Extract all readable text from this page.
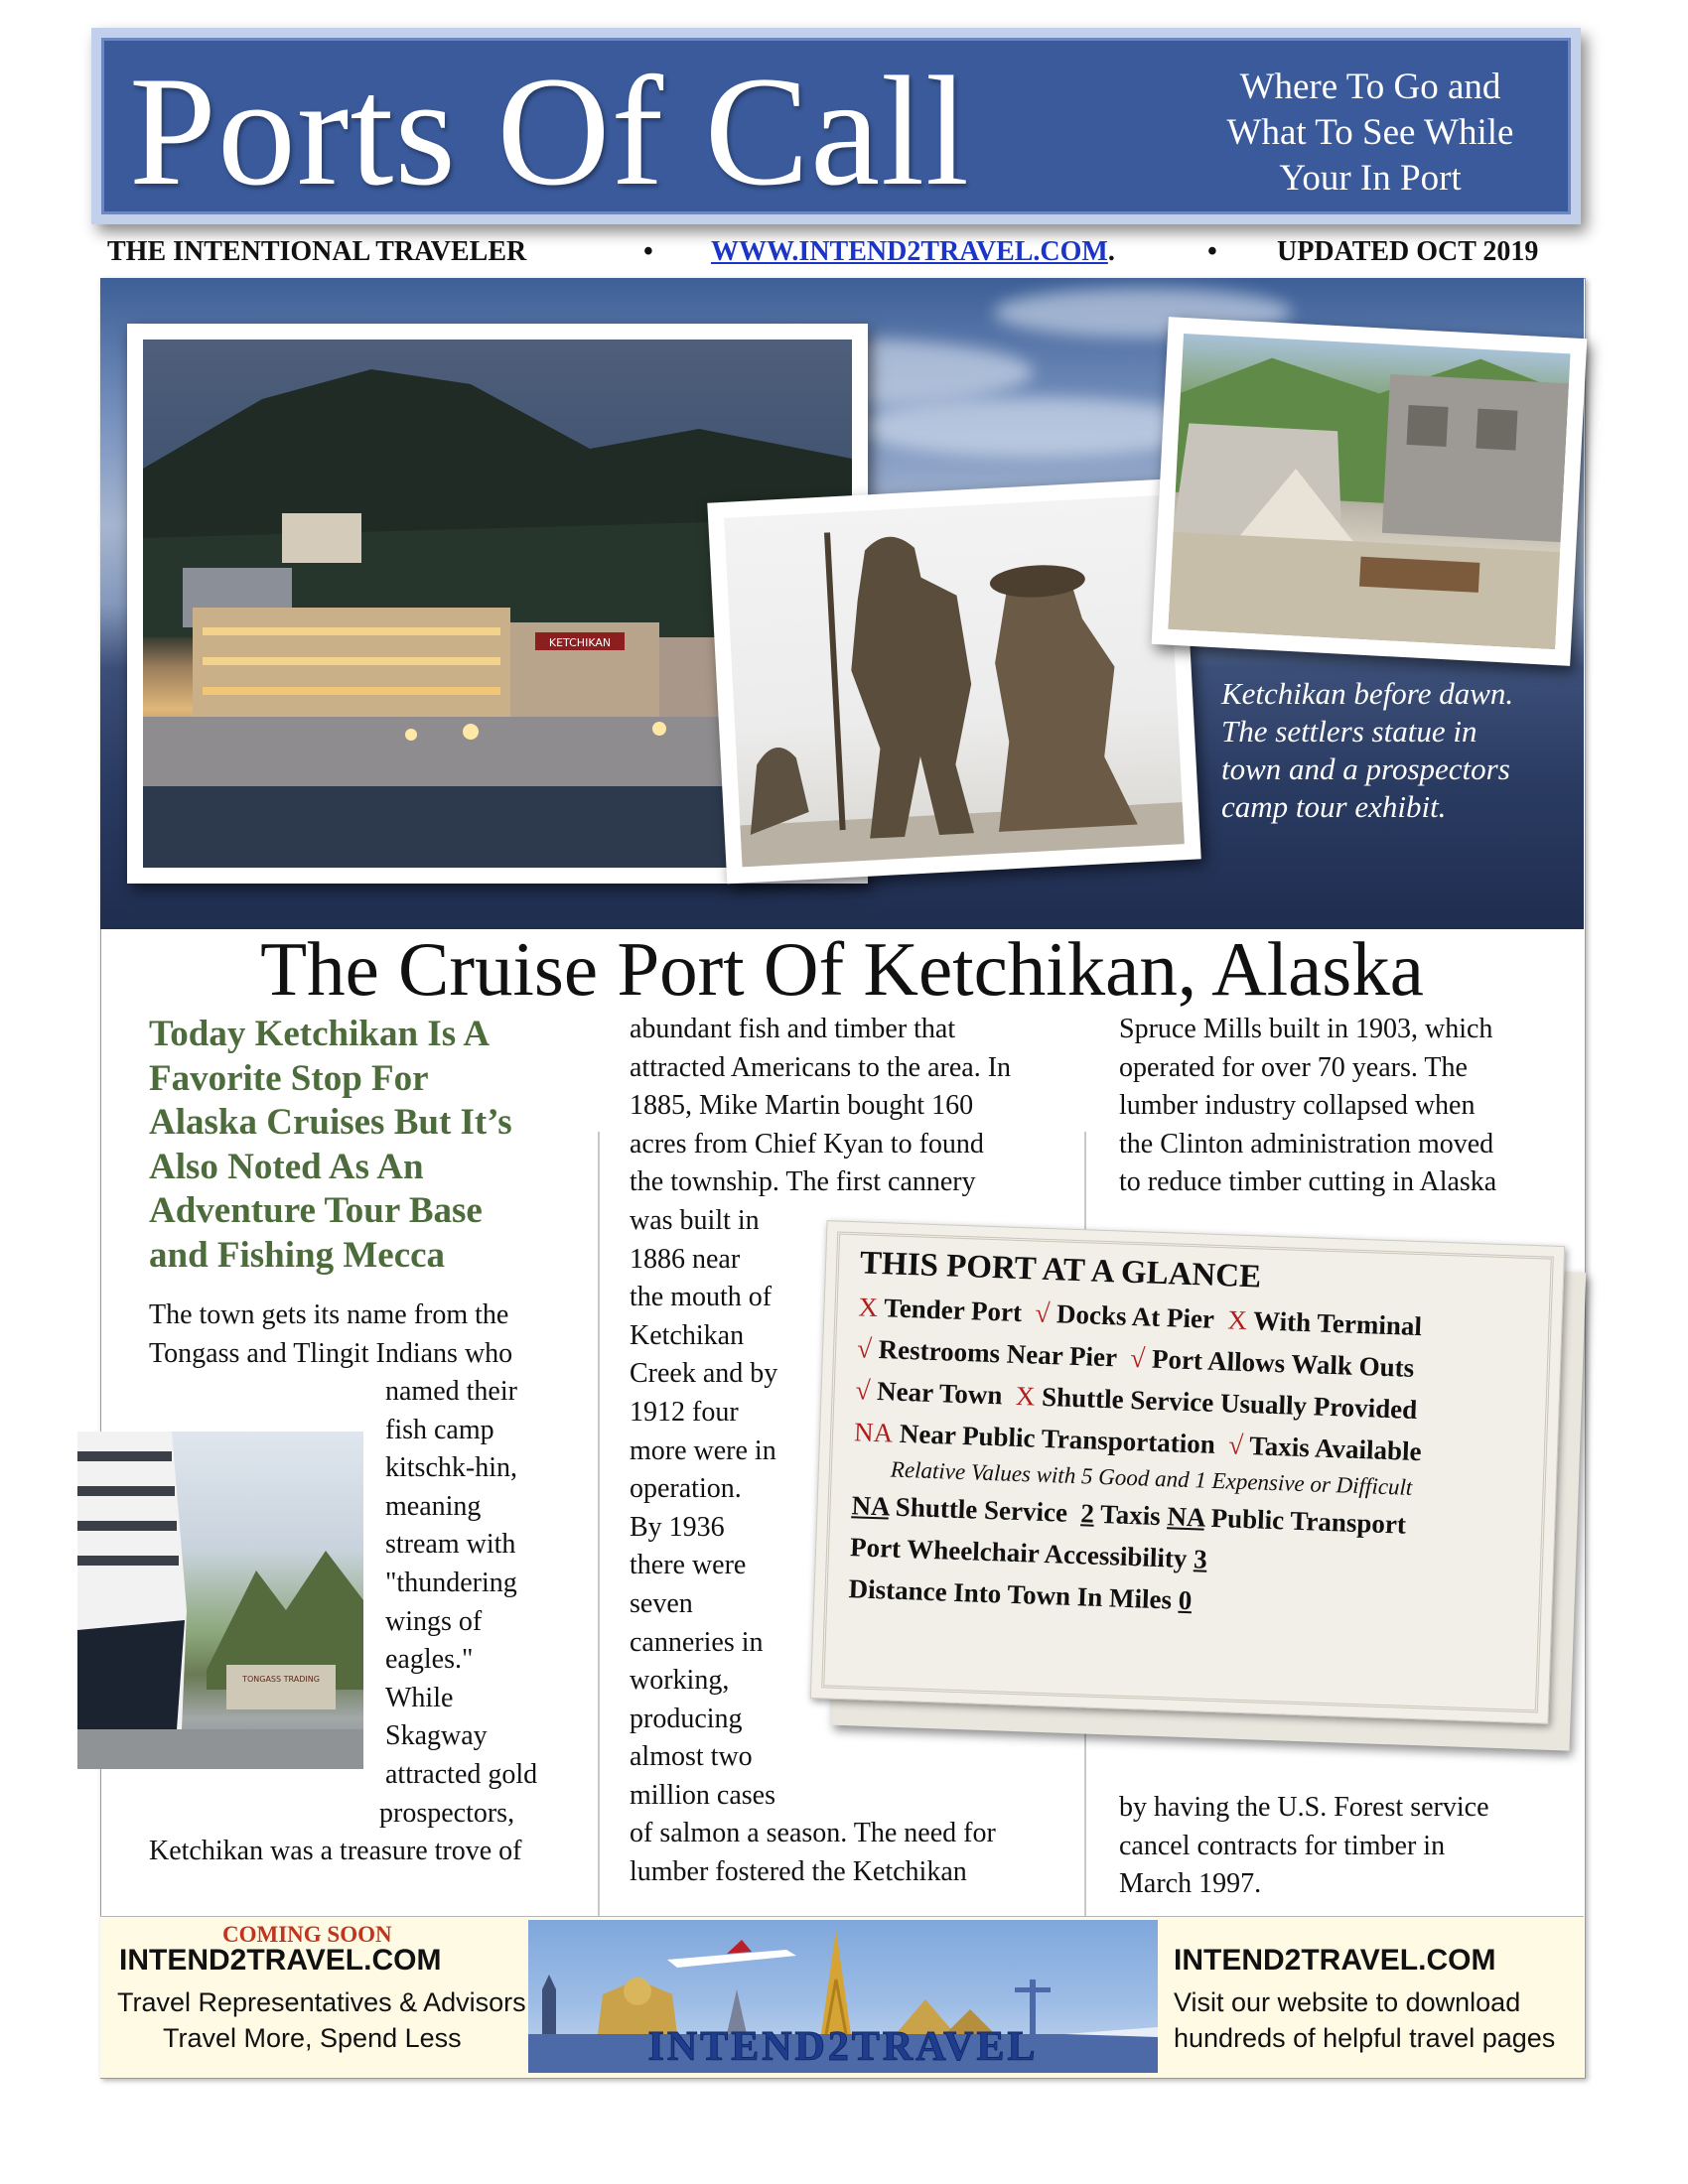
Ports Of Call	Where To Go and
What To See While
Your In Port
THE INTENTIONAL TRAVELER	• WWW.INTEND2TRAVEL.COM.	• UPDATED OCT 2019
KETCHIKAN
Ketchikan before dawn.
The settlers statue in
town and a prospectors
camp tour exhibit.
The Cruise Port Of Ketchikan, Alaska
Today Ketchikan Is A
Favorite Stop For
Alaska Cruises But It’s
Also Noted As An
Adventure Tour Base
and Fishing Mecca

The town gets its name from the

Tongass and Tlingit Indians who

named their

fish camp

kitschk-hin,

meaning

stream with

"thundering

wings of

eagles."

While

Skagway

attracted gold

prospectors,

Ketchikan was a treasure trove of

TONGASS TRADING

abundant fish and timber that

attracted Americans to the area. In

1885, Mike Martin bought 160

acres from Chief Kyan to found

the township. The first cannery

was built in

1886 near

the mouth of

Ketchikan

Creek and by

1912 four

more were in

operation.

By 1936

there were

seven

canneries in

working,

producing

almost two

million cases

of salmon a season. The need for

lumber fostered the Ketchikan

Spruce Mills built in 1903, which

operated for over 70 years. The

lumber industry collapsed when

the Clinton administration moved

to reduce timber cutting in Alaska

by having the U.S. Forest service

cancel contracts for timber in

March 1997.

THIS PORT AT A GLANCE
X Tender Port √ Docks At Pier X With Terminal
√ Restrooms Near Pier √ Port Allows Walk Outs
√ Near Town X Shuttle Service Usually Provided
NA Near Public Transportation √ Taxis Available
Relative Values with 5 Good and 1 Expensive or Difficult
NA Shuttle Service 2 Taxis NA Public Transport
Port Wheelchair Accessibility 3
Distance Into Town In Miles 0
COMING SOON
INTEND2TRAVEL.COM
Travel Representatives & Advisors
Travel More, Spend Less	INTEND2TRAVEL
INTEND2TRAVEL.COM
Visit our website to download
hundreds of helpful travel pages
